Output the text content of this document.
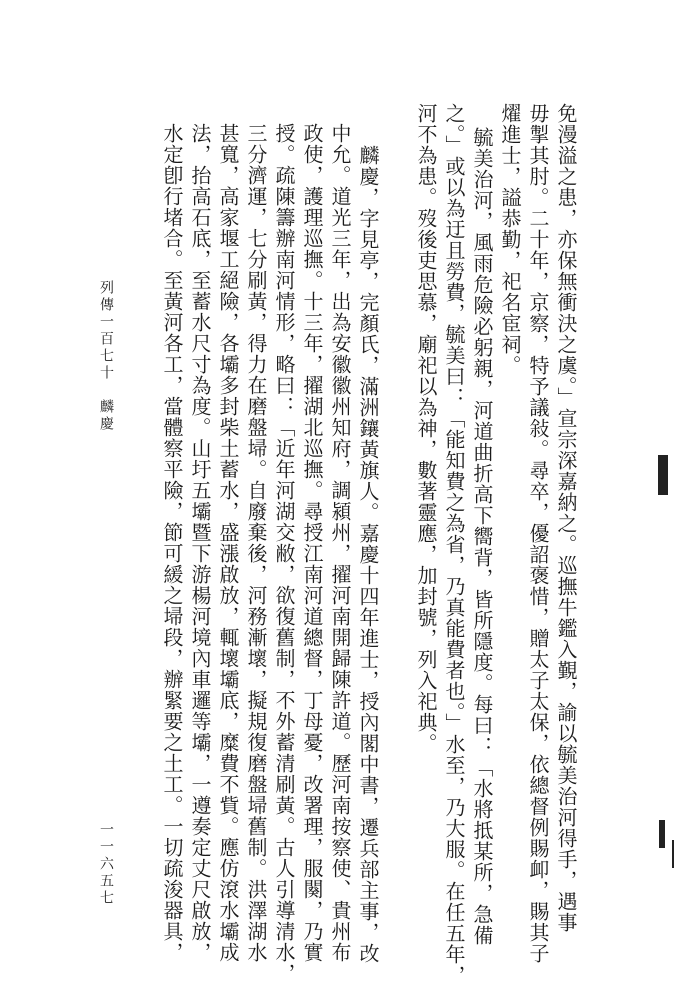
免漫溢之患，亦保無衝決之虞。」宣宗深嘉納之。巡撫牛鑑入覲，諭以毓美治河得手，遇事
毋掣其肘。二十年，京察，特予議敍。尋卒，優詔褒惜，贈太子太保，依總督例賜卹，賜其子
燿進士，謚恭勤，祀名宦祠。
毓美治河，風雨危險必躬親，河道曲折高下嚮背，皆所隱度。每曰：「水將抵某所，急備
之。」或以為迂且勞費，毓美曰：「能知費之為省，乃真能費者也。」水至，乃大服。在任五年，
河不為患。歿後吏思慕，廟祀以為神，數著靈應，加封號，列入祀典。
麟慶，字見亭，完顏氏，滿洲鑲黃旗人。嘉慶十四年進士，授內閣中書，遷兵部主事，改
中允。道光三年，出為安徽徽州知府，調潁州，擢河南開歸陳許道。歷河南按察使、貴州布
政使，護理巡撫。十三年，擢湖北巡撫。尋授江南河道總督，丁母憂，改署理，服闋，乃實
授。疏陳籌辦南河情形，略曰：「近年河湖交敝，欲復舊制，不外蓄清刷黃。古人引導清水，
三分濟運，七分刷黃，得力在磨盤埽。自廢棄後，河務漸壞，擬規復磨盤埽舊制。洪澤湖水
甚寬，高家堰工絕險，各壩多封柴土蓄水，盛漲啟放，輒壞壩底，糜費不貲。應仿滾水壩成
法，抬高石底，至蓄水尺寸為度。山圩五壩暨下游楊河境內車邏等壩，一遵奏定丈尺啟放，
水定卽行堵合。至黃河各工，當體察平險，節可緩之埽段，辦緊要之土工。一切疏浚器具，
列傳一百七十　麟慶
一一六五七
